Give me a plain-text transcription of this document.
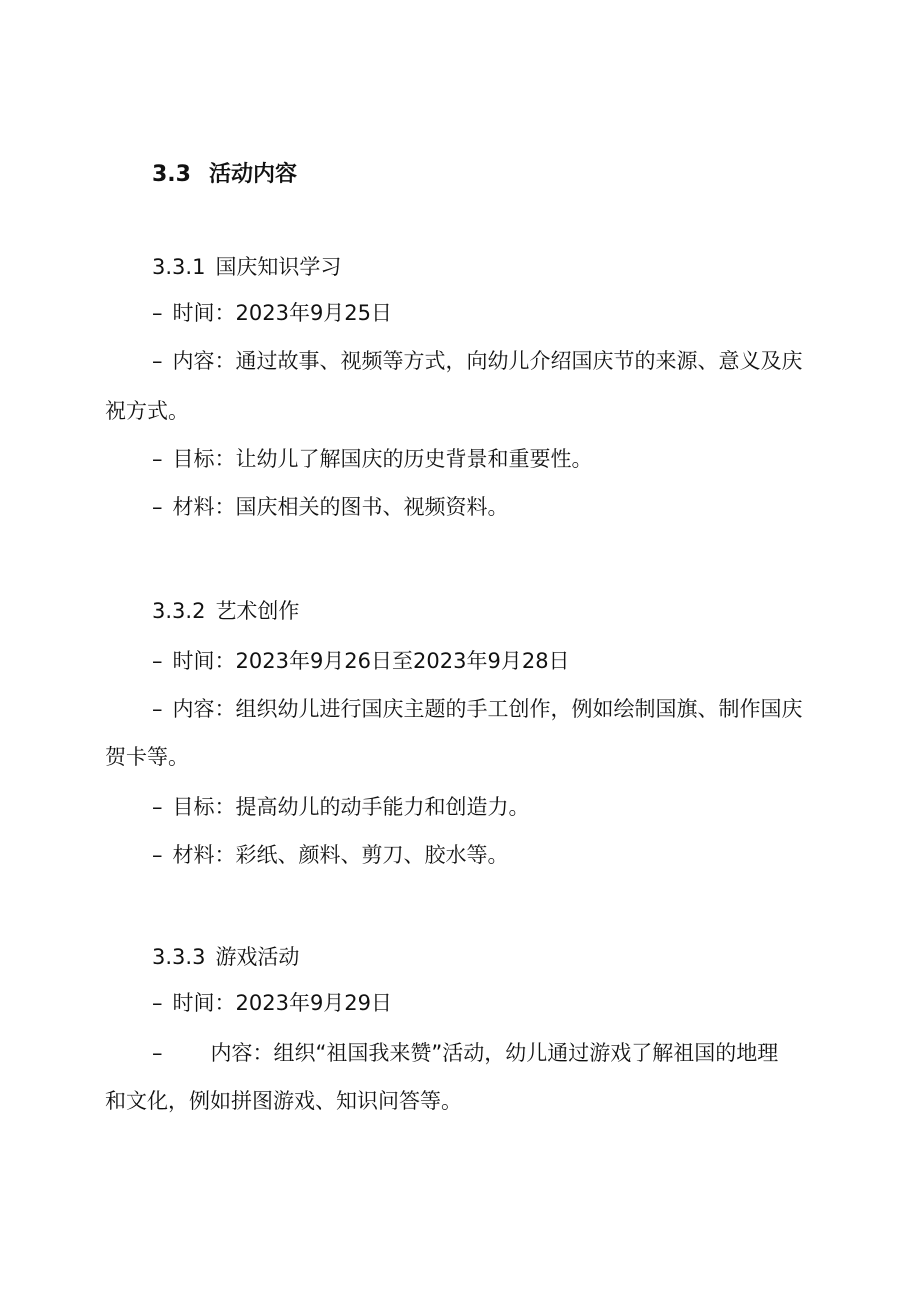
3.3 活动内容
3.3.1 国庆知识学习
– 时间：2023年9月25日
– 内容：通过故事、视频等方式，向幼儿介绍国庆节的来源、意义及庆
祝方式。
– 目标：让幼儿了解国庆的历史背景和重要性。
– 材料：国庆相关的图书、视频资料。
3.3.2 艺术创作
– 时间：2023年9月26日至2023年9月28日
– 内容：组织幼儿进行国庆主题的手工创作，例如绘制国旗、制作国庆
贺卡等。
– 目标：提高幼儿的动手能力和创造力。
– 材料：彩纸、颜料、剪刀、胶水等。
3.3.3 游戏活动
– 时间：2023年9月29日
– 内容：组织“祖国我来赞”活动，幼儿通过游戏了解祖国的地理
和文化，例如拼图游戏、知识问答等。
